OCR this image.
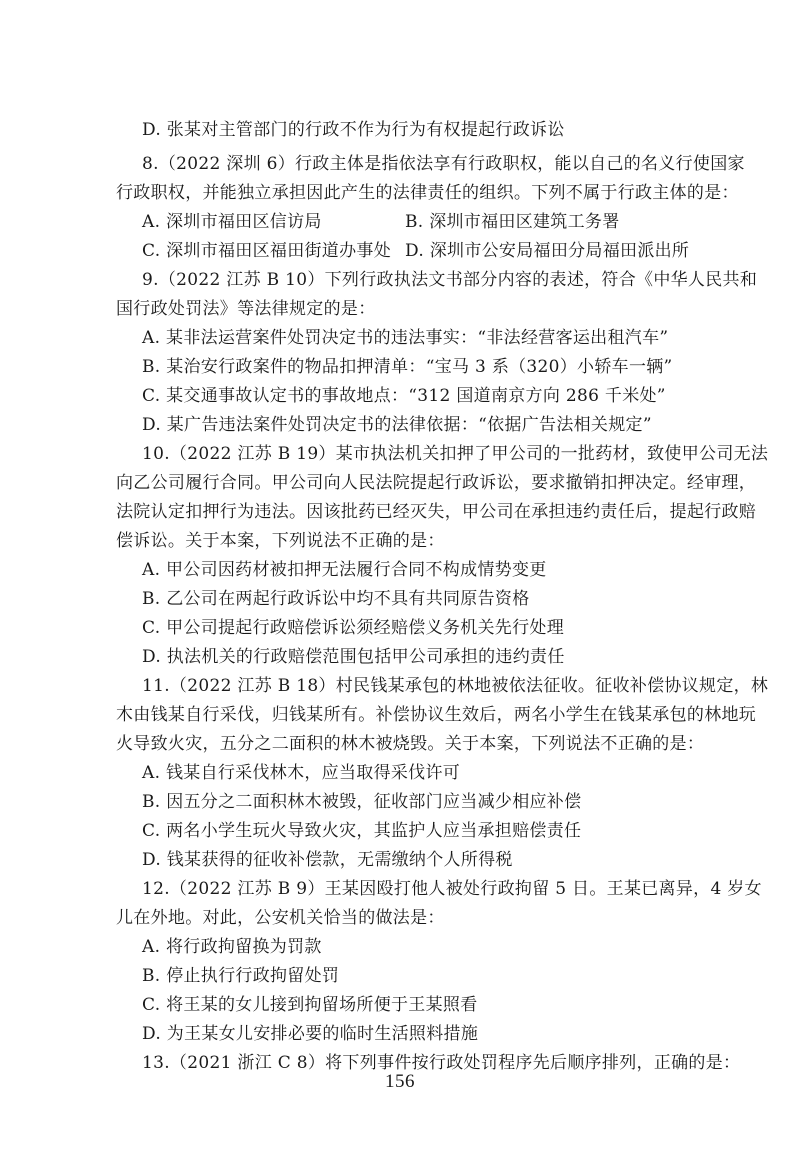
D. 张某对主管部门的行政不作为行为有权提起行政诉讼
8.（2022 深圳 6）行政主体是指依法享有行政职权，能以自己的名义行使国家
行政职权，并能独立承担因此产生的法律责任的组织。下列不属于行政主体的是：
A. 深圳市福田区信访局	B. 深圳市福田区建筑工务署
C. 深圳市福田区福田街道办事处 D. 深圳市公安局福田分局福田派出所
9.（2022 江苏 B 10）下列行政执法文书部分内容的表述，符合《中华人民共和
国行政处罚法》等法律规定的是：
A. 某非法运营案件处罚决定书的违法事实：“非法经营客运出租汽车”
B. 某治安行政案件的物品扣押清单：“宝马 3 系（320）小轿车一辆”
C. 某交通事故认定书的事故地点：“312 国道南京方向 286 千米处”
D. 某广告违法案件处罚决定书的法律依据：“依据广告法相关规定”
10.（2022 江苏 B 19）某市执法机关扣押了甲公司的一批药材，致使甲公司无法
向乙公司履行合同。甲公司向人民法院提起行政诉讼，要求撤销扣押决定。经审理，
法院认定扣押行为违法。因该批药已经灭失，甲公司在承担违约责任后，提起行政赔
偿诉讼。关于本案，下列说法不正确的是：
A. 甲公司因药材被扣押无法履行合同不构成情势变更
B. 乙公司在两起行政诉讼中均不具有共同原告资格
C. 甲公司提起行政赔偿诉讼须经赔偿义务机关先行处理
D. 执法机关的行政赔偿范围包括甲公司承担的违约责任
11.（2022 江苏 B 18）村民钱某承包的林地被依法征收。征收补偿协议规定，林
木由钱某自行采伐，归钱某所有。补偿协议生效后，两名小学生在钱某承包的林地玩
火导致火灾，五分之二面积的林木被烧毁。关于本案，下列说法不正确的是：
A. 钱某自行采伐林木，应当取得采伐许可
B. 因五分之二面积林木被毁，征收部门应当减少相应补偿
C. 两名小学生玩火导致火灾，其监护人应当承担赔偿责任
D. 钱某获得的征收补偿款，无需缴纳个人所得税
12.（2022 江苏 B 9）王某因殴打他人被处行政拘留 5 日。王某已离异，4 岁女
儿在外地。对此，公安机关恰当的做法是：
A. 将行政拘留换为罚款
B. 停止执行行政拘留处罚
C. 将王某的女儿接到拘留场所便于王某照看
D. 为王某女儿安排必要的临时生活照料措施
13.（2021 浙江 C 8）将下列事件按行政处罚程序先后顺序排列，正确的是：
156
